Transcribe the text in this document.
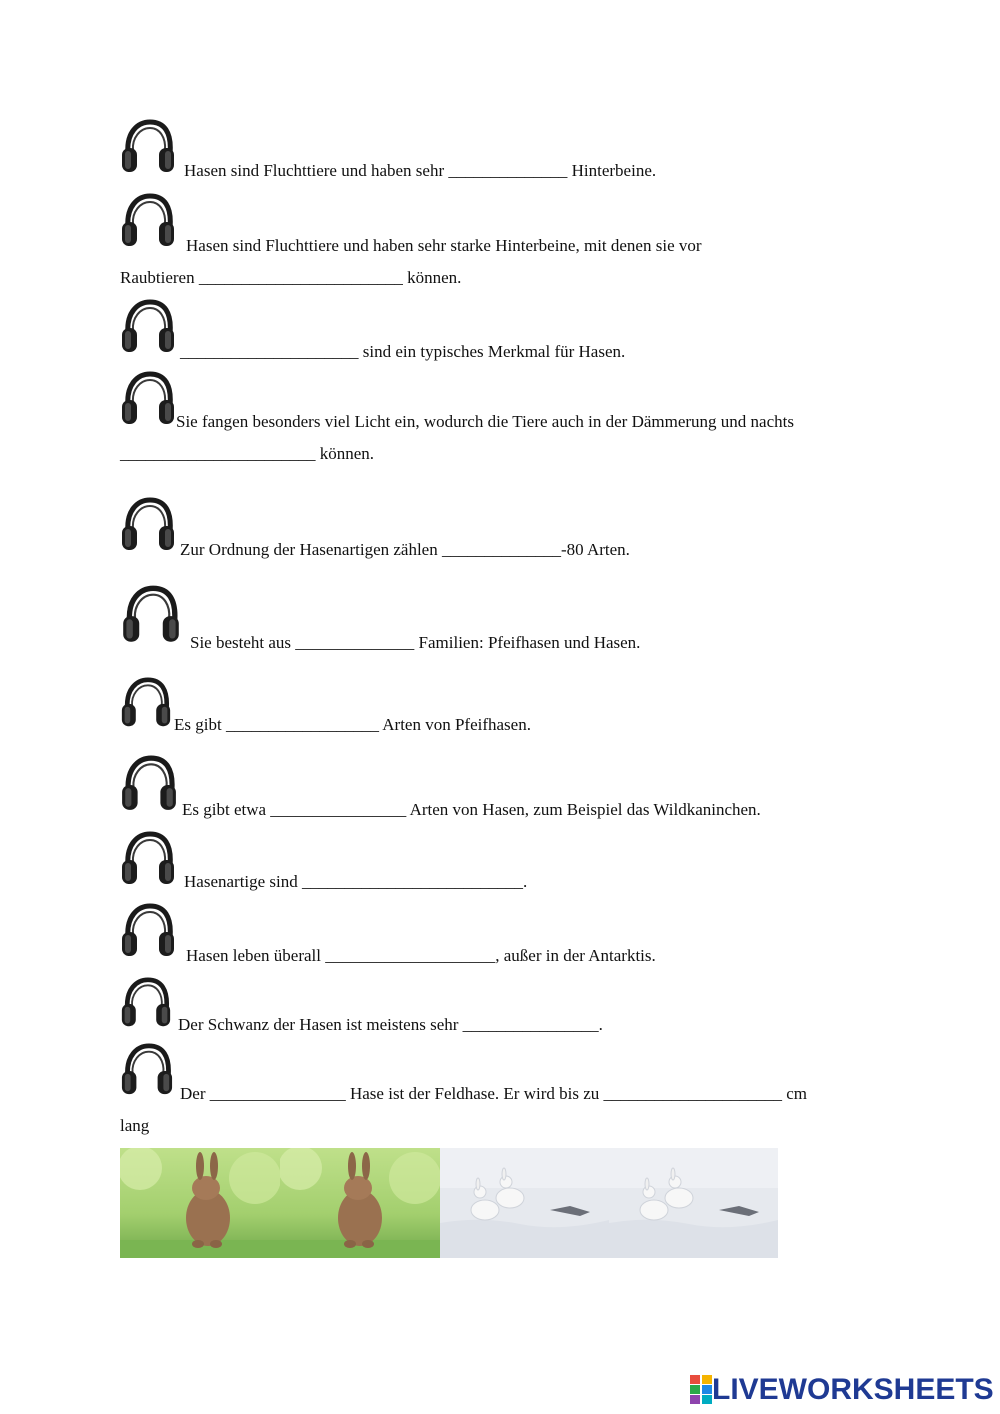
Hasen sind Fluchttiere und haben sehr ______________ Hinterbeine.
Hasen sind Fluchttiere und haben sehr starke Hinterbeine, mit denen sie vor
Raubtieren ________________________ können.
_____________________ sind ein typisches Merkmal für Hasen.
Sie fangen besonders viel Licht ein, wodurch die Tiere auch in der Dämmerung und nachts
_______________________ können.
Zur Ordnung der Hasenartigen zählen ______________-80 Arten.
Sie besteht aus ______________ Familien: Pfeifhasen und Hasen.
Es gibt __________________ Arten von Pfeifhasen.
Es gibt etwa ________________ Arten von Hasen, zum Beispiel das Wildkaninchen.
Hasenartige sind __________________________.
Hasen leben überall ____________________, außer in der Antarktis.
Der Schwanz der Hasen ist meistens sehr ________________.
Der ________________ Hase ist der Feldhase. Er wird bis zu _____________________ cm
lang
LIVEWORKSHEETS
